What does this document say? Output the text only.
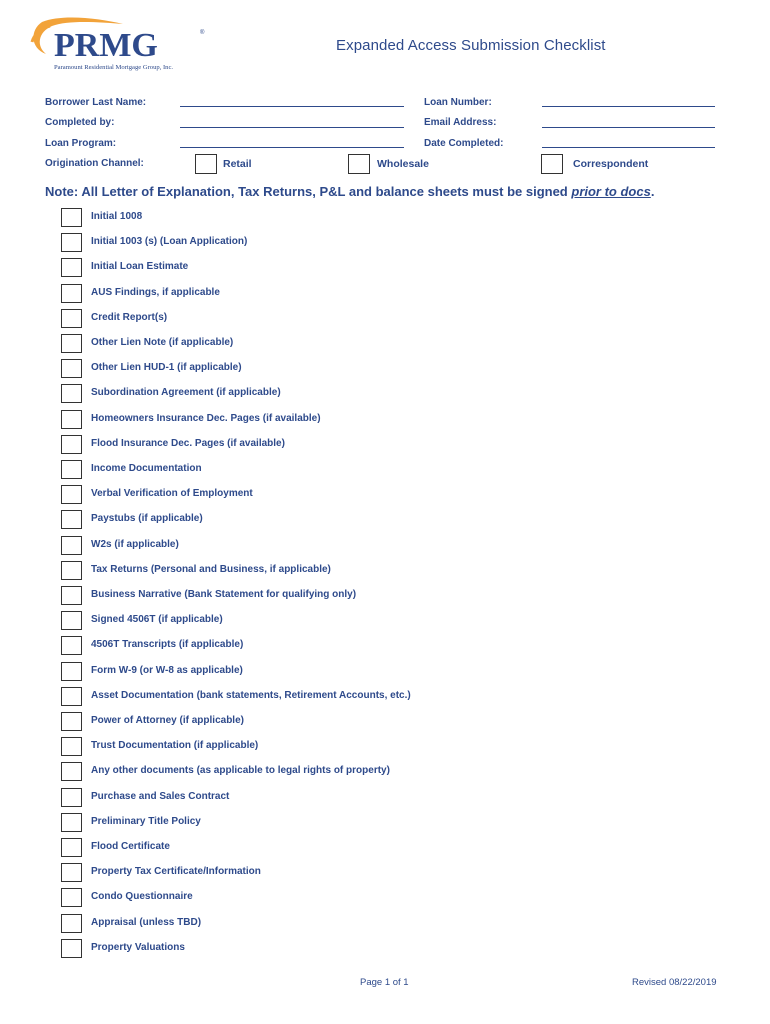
PRMG	®
Paramount Residential Mortgage Group, Inc.
Expanded Access Submission Checklist
Borrower Last Name:	Loan Number:
Completed by:	Email Address:
Loan Program:	Date Completed:
Origination Channel:	Retail	Wholesale	Correspondent
Note: All Letter of Explanation, Tax Returns, P&L and balance sheets must be signed prior to docs.
Initial 1008
Initial 1003 (s) (Loan Application)
Initial Loan Estimate
AUS Findings, if applicable
Credit Report(s)
Other Lien Note (if applicable)
Other Lien HUD-1 (if applicable)
Subordination Agreement (if applicable)
Homeowners Insurance Dec. Pages (if available)
Flood Insurance Dec. Pages (if available)
Income Documentation
Verbal Verification of Employment
Paystubs (if applicable)
W2s (if applicable)
Tax Returns (Personal and Business, if applicable)
Business Narrative (Bank Statement for qualifying only)
Signed 4506T (if applicable)
4506T Transcripts (if applicable)
Form W-9 (or W-8 as applicable)
Asset Documentation (bank statements, Retirement Accounts, etc.)
Power of Attorney (if applicable)
Trust Documentation (if applicable)
Any other documents (as applicable to legal rights of property)
Purchase and Sales Contract
Preliminary Title Policy
Flood Certificate
Property Tax Certificate/Information
Condo Questionnaire
Appraisal (unless TBD)
Property Valuations
Page 1 of 1	Revised 08/22/2019
